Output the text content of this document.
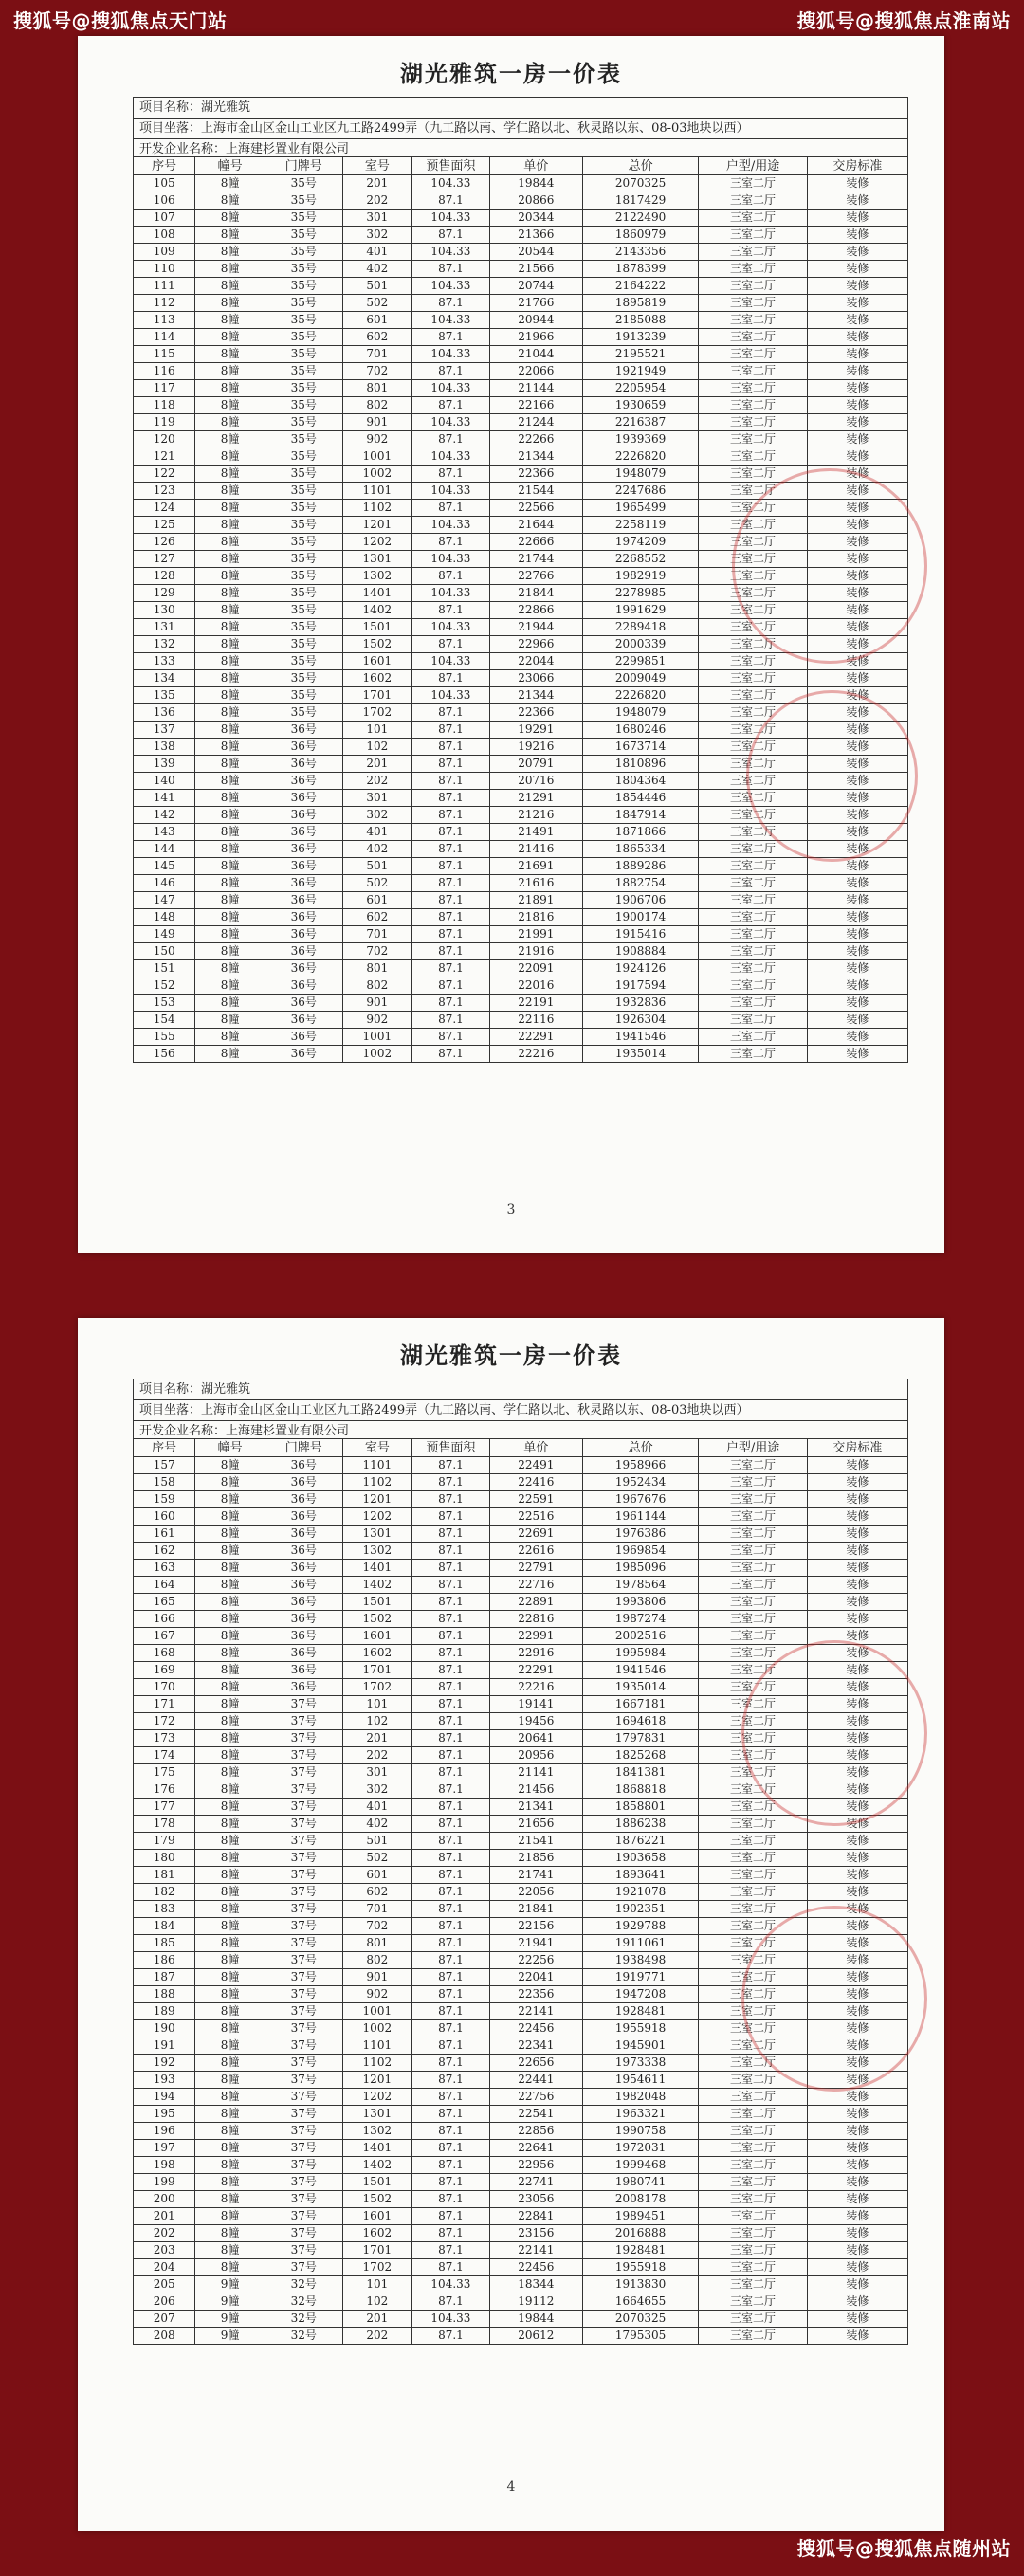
搜狐号@搜狐焦点天门站	搜狐号@搜狐焦点淮南站
搜狐号@搜狐焦点随州站
湖光雅筑一房一价表
项目名称：湖光雅筑
项目坐落：上海市金山区金山工业区九工路2499弄（九工路以南、学仁路以北、秋灵路以东、08-03地块以西）
开发企业名称：上海建杉置业有限公司
序号	幢号	门牌号	室号	预售面积	单价	总价	户型/用途	交房标准
105	8幢	35号	201	104.33	19844	2070325	三室二厅	装修
106	8幢	35号	202	87.1	20866	1817429	三室二厅	装修
107	8幢	35号	301	104.33	20344	2122490	三室二厅	装修
108	8幢	35号	302	87.1	21366	1860979	三室二厅	装修
109	8幢	35号	401	104.33	20544	2143356	三室二厅	装修
110	8幢	35号	402	87.1	21566	1878399	三室二厅	装修
111	8幢	35号	501	104.33	20744	2164222	三室二厅	装修
112	8幢	35号	502	87.1	21766	1895819	三室二厅	装修
113	8幢	35号	601	104.33	20944	2185088	三室二厅	装修
114	8幢	35号	602	87.1	21966	1913239	三室二厅	装修
115	8幢	35号	701	104.33	21044	2195521	三室二厅	装修
116	8幢	35号	702	87.1	22066	1921949	三室二厅	装修
117	8幢	35号	801	104.33	21144	2205954	三室二厅	装修
118	8幢	35号	802	87.1	22166	1930659	三室二厅	装修
119	8幢	35号	901	104.33	21244	2216387	三室二厅	装修
120	8幢	35号	902	87.1	22266	1939369	三室二厅	装修
121	8幢	35号	1001	104.33	21344	2226820	三室二厅	装修
122	8幢	35号	1002	87.1	22366	1948079	三室二厅	装修
123	8幢	35号	1101	104.33	21544	2247686	三室二厅	装修
124	8幢	35号	1102	87.1	22566	1965499	三室二厅	装修
125	8幢	35号	1201	104.33	21644	2258119	三室二厅	装修
126	8幢	35号	1202	87.1	22666	1974209	三室二厅	装修
127	8幢	35号	1301	104.33	21744	2268552	三室二厅	装修
128	8幢	35号	1302	87.1	22766	1982919	三室二厅	装修
129	8幢	35号	1401	104.33	21844	2278985	三室二厅	装修
130	8幢	35号	1402	87.1	22866	1991629	三室二厅	装修
131	8幢	35号	1501	104.33	21944	2289418	三室二厅	装修
132	8幢	35号	1502	87.1	22966	2000339	三室二厅	装修
133	8幢	35号	1601	104.33	22044	2299851	三室二厅	装修
134	8幢	35号	1602	87.1	23066	2009049	三室二厅	装修
135	8幢	35号	1701	104.33	21344	2226820	三室二厅	装修
136	8幢	35号	1702	87.1	22366	1948079	三室二厅	装修
137	8幢	36号	101	87.1	19291	1680246	三室二厅	装修
138	8幢	36号	102	87.1	19216	1673714	三室二厅	装修
139	8幢	36号	201	87.1	20791	1810896	三室二厅	装修
140	8幢	36号	202	87.1	20716	1804364	三室二厅	装修
141	8幢	36号	301	87.1	21291	1854446	三室二厅	装修
142	8幢	36号	302	87.1	21216	1847914	三室二厅	装修
143	8幢	36号	401	87.1	21491	1871866	三室二厅	装修
144	8幢	36号	402	87.1	21416	1865334	三室二厅	装修
145	8幢	36号	501	87.1	21691	1889286	三室二厅	装修
146	8幢	36号	502	87.1	21616	1882754	三室二厅	装修
147	8幢	36号	601	87.1	21891	1906706	三室二厅	装修
148	8幢	36号	602	87.1	21816	1900174	三室二厅	装修
149	8幢	36号	701	87.1	21991	1915416	三室二厅	装修
150	8幢	36号	702	87.1	21916	1908884	三室二厅	装修
151	8幢	36号	801	87.1	22091	1924126	三室二厅	装修
152	8幢	36号	802	87.1	22016	1917594	三室二厅	装修
153	8幢	36号	901	87.1	22191	1932836	三室二厅	装修
154	8幢	36号	902	87.1	22116	1926304	三室二厅	装修
155	8幢	36号	1001	87.1	22291	1941546	三室二厅	装修
156	8幢	36号	1002	87.1	22216	1935014	三室二厅	装修
3
湖光雅筑一房一价表
项目名称：湖光雅筑
项目坐落：上海市金山区金山工业区九工路2499弄（九工路以南、学仁路以北、秋灵路以东、08-03地块以西）
开发企业名称：上海建杉置业有限公司
序号	幢号	门牌号	室号	预售面积	单价	总价	户型/用途	交房标准
157	8幢	36号	1101	87.1	22491	1958966	三室二厅	装修
158	8幢	36号	1102	87.1	22416	1952434	三室二厅	装修
159	8幢	36号	1201	87.1	22591	1967676	三室二厅	装修
160	8幢	36号	1202	87.1	22516	1961144	三室二厅	装修
161	8幢	36号	1301	87.1	22691	1976386	三室二厅	装修
162	8幢	36号	1302	87.1	22616	1969854	三室二厅	装修
163	8幢	36号	1401	87.1	22791	1985096	三室二厅	装修
164	8幢	36号	1402	87.1	22716	1978564	三室二厅	装修
165	8幢	36号	1501	87.1	22891	1993806	三室二厅	装修
166	8幢	36号	1502	87.1	22816	1987274	三室二厅	装修
167	8幢	36号	1601	87.1	22991	2002516	三室二厅	装修
168	8幢	36号	1602	87.1	22916	1995984	三室二厅	装修
169	8幢	36号	1701	87.1	22291	1941546	三室二厅	装修
170	8幢	36号	1702	87.1	22216	1935014	三室二厅	装修
171	8幢	37号	101	87.1	19141	1667181	三室二厅	装修
172	8幢	37号	102	87.1	19456	1694618	三室二厅	装修
173	8幢	37号	201	87.1	20641	1797831	三室二厅	装修
174	8幢	37号	202	87.1	20956	1825268	三室二厅	装修
175	8幢	37号	301	87.1	21141	1841381	三室二厅	装修
176	8幢	37号	302	87.1	21456	1868818	三室二厅	装修
177	8幢	37号	401	87.1	21341	1858801	三室二厅	装修
178	8幢	37号	402	87.1	21656	1886238	三室二厅	装修
179	8幢	37号	501	87.1	21541	1876221	三室二厅	装修
180	8幢	37号	502	87.1	21856	1903658	三室二厅	装修
181	8幢	37号	601	87.1	21741	1893641	三室二厅	装修
182	8幢	37号	602	87.1	22056	1921078	三室二厅	装修
183	8幢	37号	701	87.1	21841	1902351	三室二厅	装修
184	8幢	37号	702	87.1	22156	1929788	三室二厅	装修
185	8幢	37号	801	87.1	21941	1911061	三室二厅	装修
186	8幢	37号	802	87.1	22256	1938498	三室二厅	装修
187	8幢	37号	901	87.1	22041	1919771	三室二厅	装修
188	8幢	37号	902	87.1	22356	1947208	三室二厅	装修
189	8幢	37号	1001	87.1	22141	1928481	三室二厅	装修
190	8幢	37号	1002	87.1	22456	1955918	三室二厅	装修
191	8幢	37号	1101	87.1	22341	1945901	三室二厅	装修
192	8幢	37号	1102	87.1	22656	1973338	三室二厅	装修
193	8幢	37号	1201	87.1	22441	1954611	三室二厅	装修
194	8幢	37号	1202	87.1	22756	1982048	三室二厅	装修
195	8幢	37号	1301	87.1	22541	1963321	三室二厅	装修
196	8幢	37号	1302	87.1	22856	1990758	三室二厅	装修
197	8幢	37号	1401	87.1	22641	1972031	三室二厅	装修
198	8幢	37号	1402	87.1	22956	1999468	三室二厅	装修
199	8幢	37号	1501	87.1	22741	1980741	三室二厅	装修
200	8幢	37号	1502	87.1	23056	2008178	三室二厅	装修
201	8幢	37号	1601	87.1	22841	1989451	三室二厅	装修
202	8幢	37号	1602	87.1	23156	2016888	三室二厅	装修
203	8幢	37号	1701	87.1	22141	1928481	三室二厅	装修
204	8幢	37号	1702	87.1	22456	1955918	三室二厅	装修
205	9幢	32号	101	104.33	18344	1913830	三室二厅	装修
206	9幢	32号	102	87.1	19112	1664655	三室二厅	装修
207	9幢	32号	201	104.33	19844	2070325	三室二厅	装修
208	9幢	32号	202	87.1	20612	1795305	三室二厅	装修
4
